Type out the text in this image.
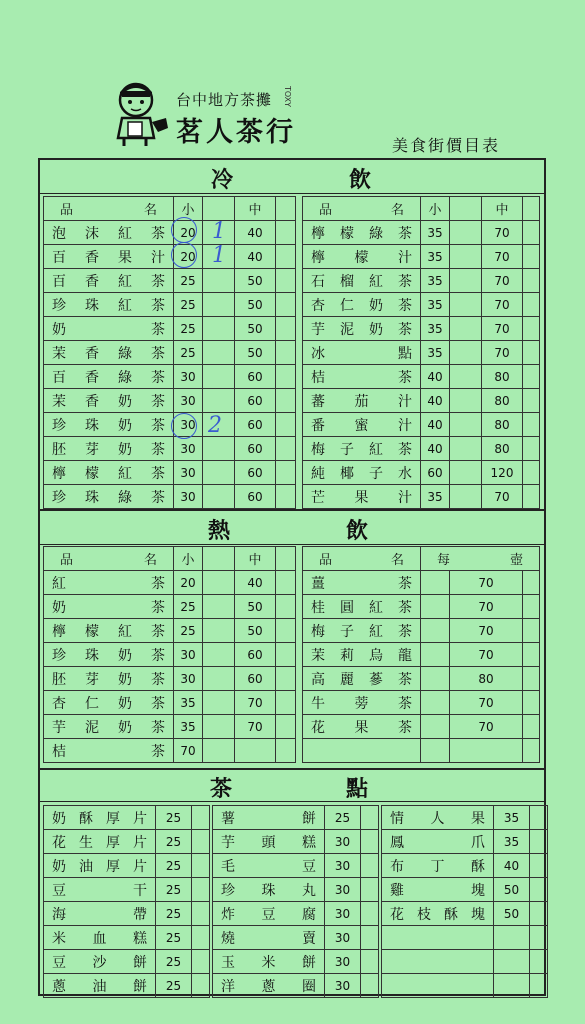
台中地方茶攤 TOXY
茗人茶行	美食街價目表
冷	飲
品名	小		中	
泡沫紅茶	20		40	
百香果汁	20		40	
百香紅茶	25		50	
珍珠紅茶	25		50	
奶茶	25		50	
茉香綠茶	25		50	
百香綠茶	30		60	
茉香奶茶	30		60	
珍珠奶茶	30		60	
胚芽奶茶	30		60	
檸檬紅茶	30		60	
珍珠綠茶	30		60	
品名	小		中	
檸檬綠茶	35		70	
檸檬汁	35		70	
石榴紅茶	35		70	
杏仁奶茶	35		70	
芋泥奶茶	35		70	
冰點	35		70	
桔茶	40		80	
蕃茄汁	40		80	
番蜜汁	40		80	
梅子紅茶	40		80	
純椰子水	60		120	
芒果汁	35		70	
熱	飲
品名	小		中	
紅茶	20		40	
奶茶	25		50	
檸檬紅茶	25		50	
珍珠奶茶	30		60	
胚芽奶茶	30		60	
杏仁奶茶	35		70	
芋泥奶茶	35		70	
桔茶	70			
品名	每壺		
薑茶		70	
桂圓紅茶		70	
梅子紅茶		70	
茉莉烏龍		70	
高麗蔘茶		80	
牛蒡茶		70	
花果茶		70	

茶	點
奶酥厚片	25	
花生厚片	25	
奶油厚片	25	
豆干	25	
海帶	25	
米血糕	25	
豆沙餅	25	
蔥油餅	25	
薯餅	25	
芋頭糕	30	
毛豆	30	
珍珠丸	30	
炸豆腐	30	
燒賣	30	
玉米餅	30	
洋蔥圈	30	
情人果	35	
鳳爪	35	
布丁酥	40	
雞塊	50	
花枝酥塊	50	

1
1
2
